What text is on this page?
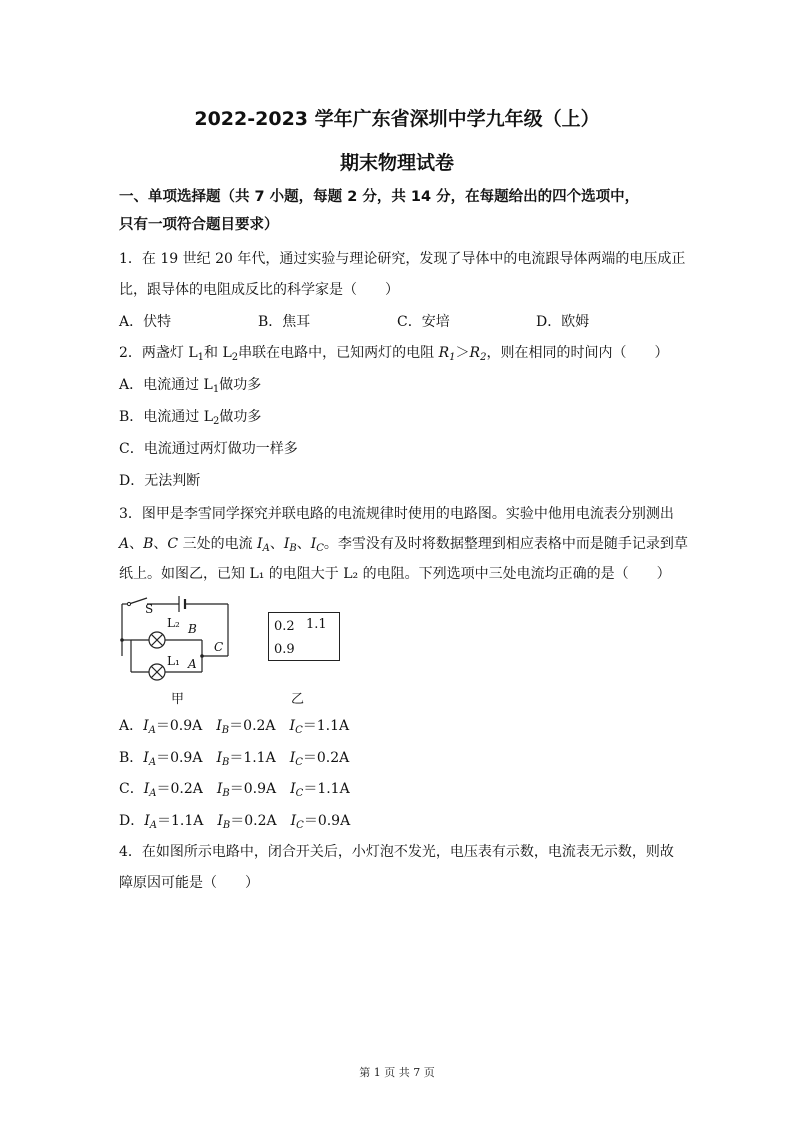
2022-2023 学年广东省深圳中学九年级（上）
期末物理试卷
一、单项选择题（共 7 小题，每题 2 分，共 14 分，在每题给出的四个选项中，
只有一项符合题目要求）
1．在 19 世纪 20 年代，通过实验与理论研究，发现了导体中的电流跟导体两端的电压成正
比，跟导体的电阻成反比的科学家是（　　）
A．伏特	B．焦耳	C．安培	D．欧姆
2．两盏灯 $L_1$和 $L_2$串联在电路中，已知两灯的电阻 $R_1>R_2$，则在相同的时间内（　　）
A．电流通过 $L_1$做功多
B．电流通过 $L_2$做功多
C．电流通过两灯做功一样多
D．无法判断
3．图甲是李雪同学探究并联电路的电流规律时使用的电路图。实验中他用电流表分别测出
A、B、C 三处的电流 $I_A$、$I_B$、$I_C$。李雪没有及时将数据整理到相应表格中而是随手记录到草
纸上。如图乙，已知 L₁ 的电阻大于 L₂ 的电阻。下列选项中三处电流均正确的是（　　）
S
L₂ B
C
L₁ A
甲
0.2 1.1
0.9
乙
A．$I_A=0.9A$　 $I_B=0.2A$　 $I_C=1.1A$
B．$I_A=0.9A$　 $I_B=1.1A$　 $I_C=0.2A$
C．$I_A=0.2A$　 $I_B=0.9A$　 $I_C=1.1A$
D．$I_A=1.1A$　 $I_B=0.2A$　 $I_C=0.9A$
4．在如图所示电路中，闭合开关后，小灯泡不发光，电压表有示数，电流表无示数，则故
障原因可能是（　　）
第 1 页 共 7 页
